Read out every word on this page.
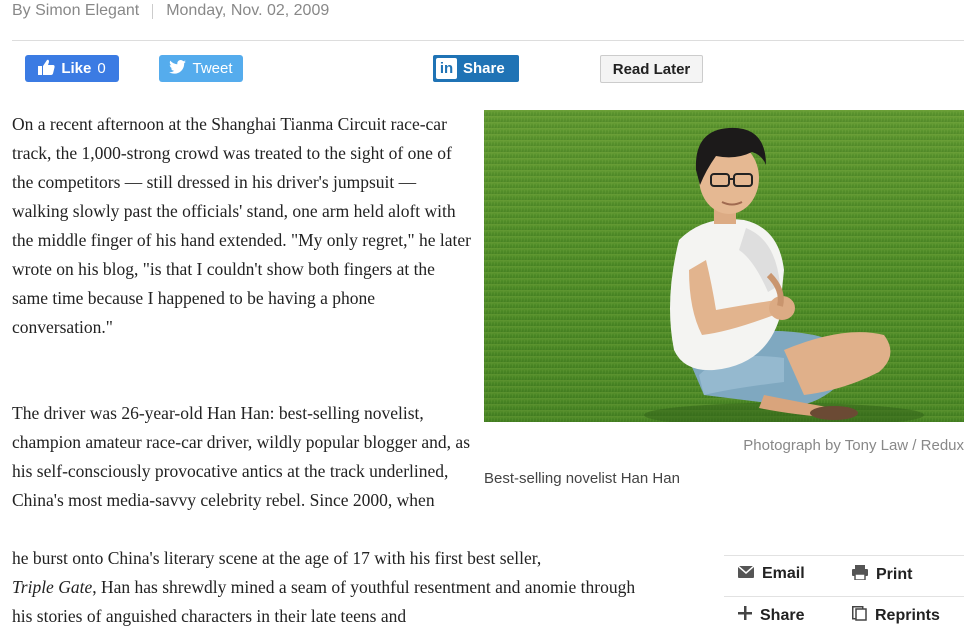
By Simon Elegant Monday, Nov. 02, 2009
Like 0	Tweet	in Share	Read Later
On a recent afternoon at the Shanghai Tianma Circuit race-car track, the 1,000-strong crowd was treated to the sight of one of the competitors — still dressed in his driver's jumpsuit — walking slowly past the officials' stand, one arm held aloft with the middle finger of his hand extended. "My only regret," he later wrote on his blog, "is that I couldn't show both fingers at the same time because I happened to be having a phone conversation."
The driver was 26-year-old Han Han: best-selling novelist, champion amateur race-car driver, wildly popular blogger and, as his self-consciously provocative antics at the track underlined, China's most media-savvy celebrity rebel. Since 2000, when
he burst onto China's literary scene at the age of 17 with his first best seller,
Triple Gate, Han has shrewdly mined a seam of youthful resentment and anomie through his stories of anguished characters in their late teens and
Photograph by Tony Law / Redux
Best-selling novelist Han Han
Email	Print
Share	Reprints
